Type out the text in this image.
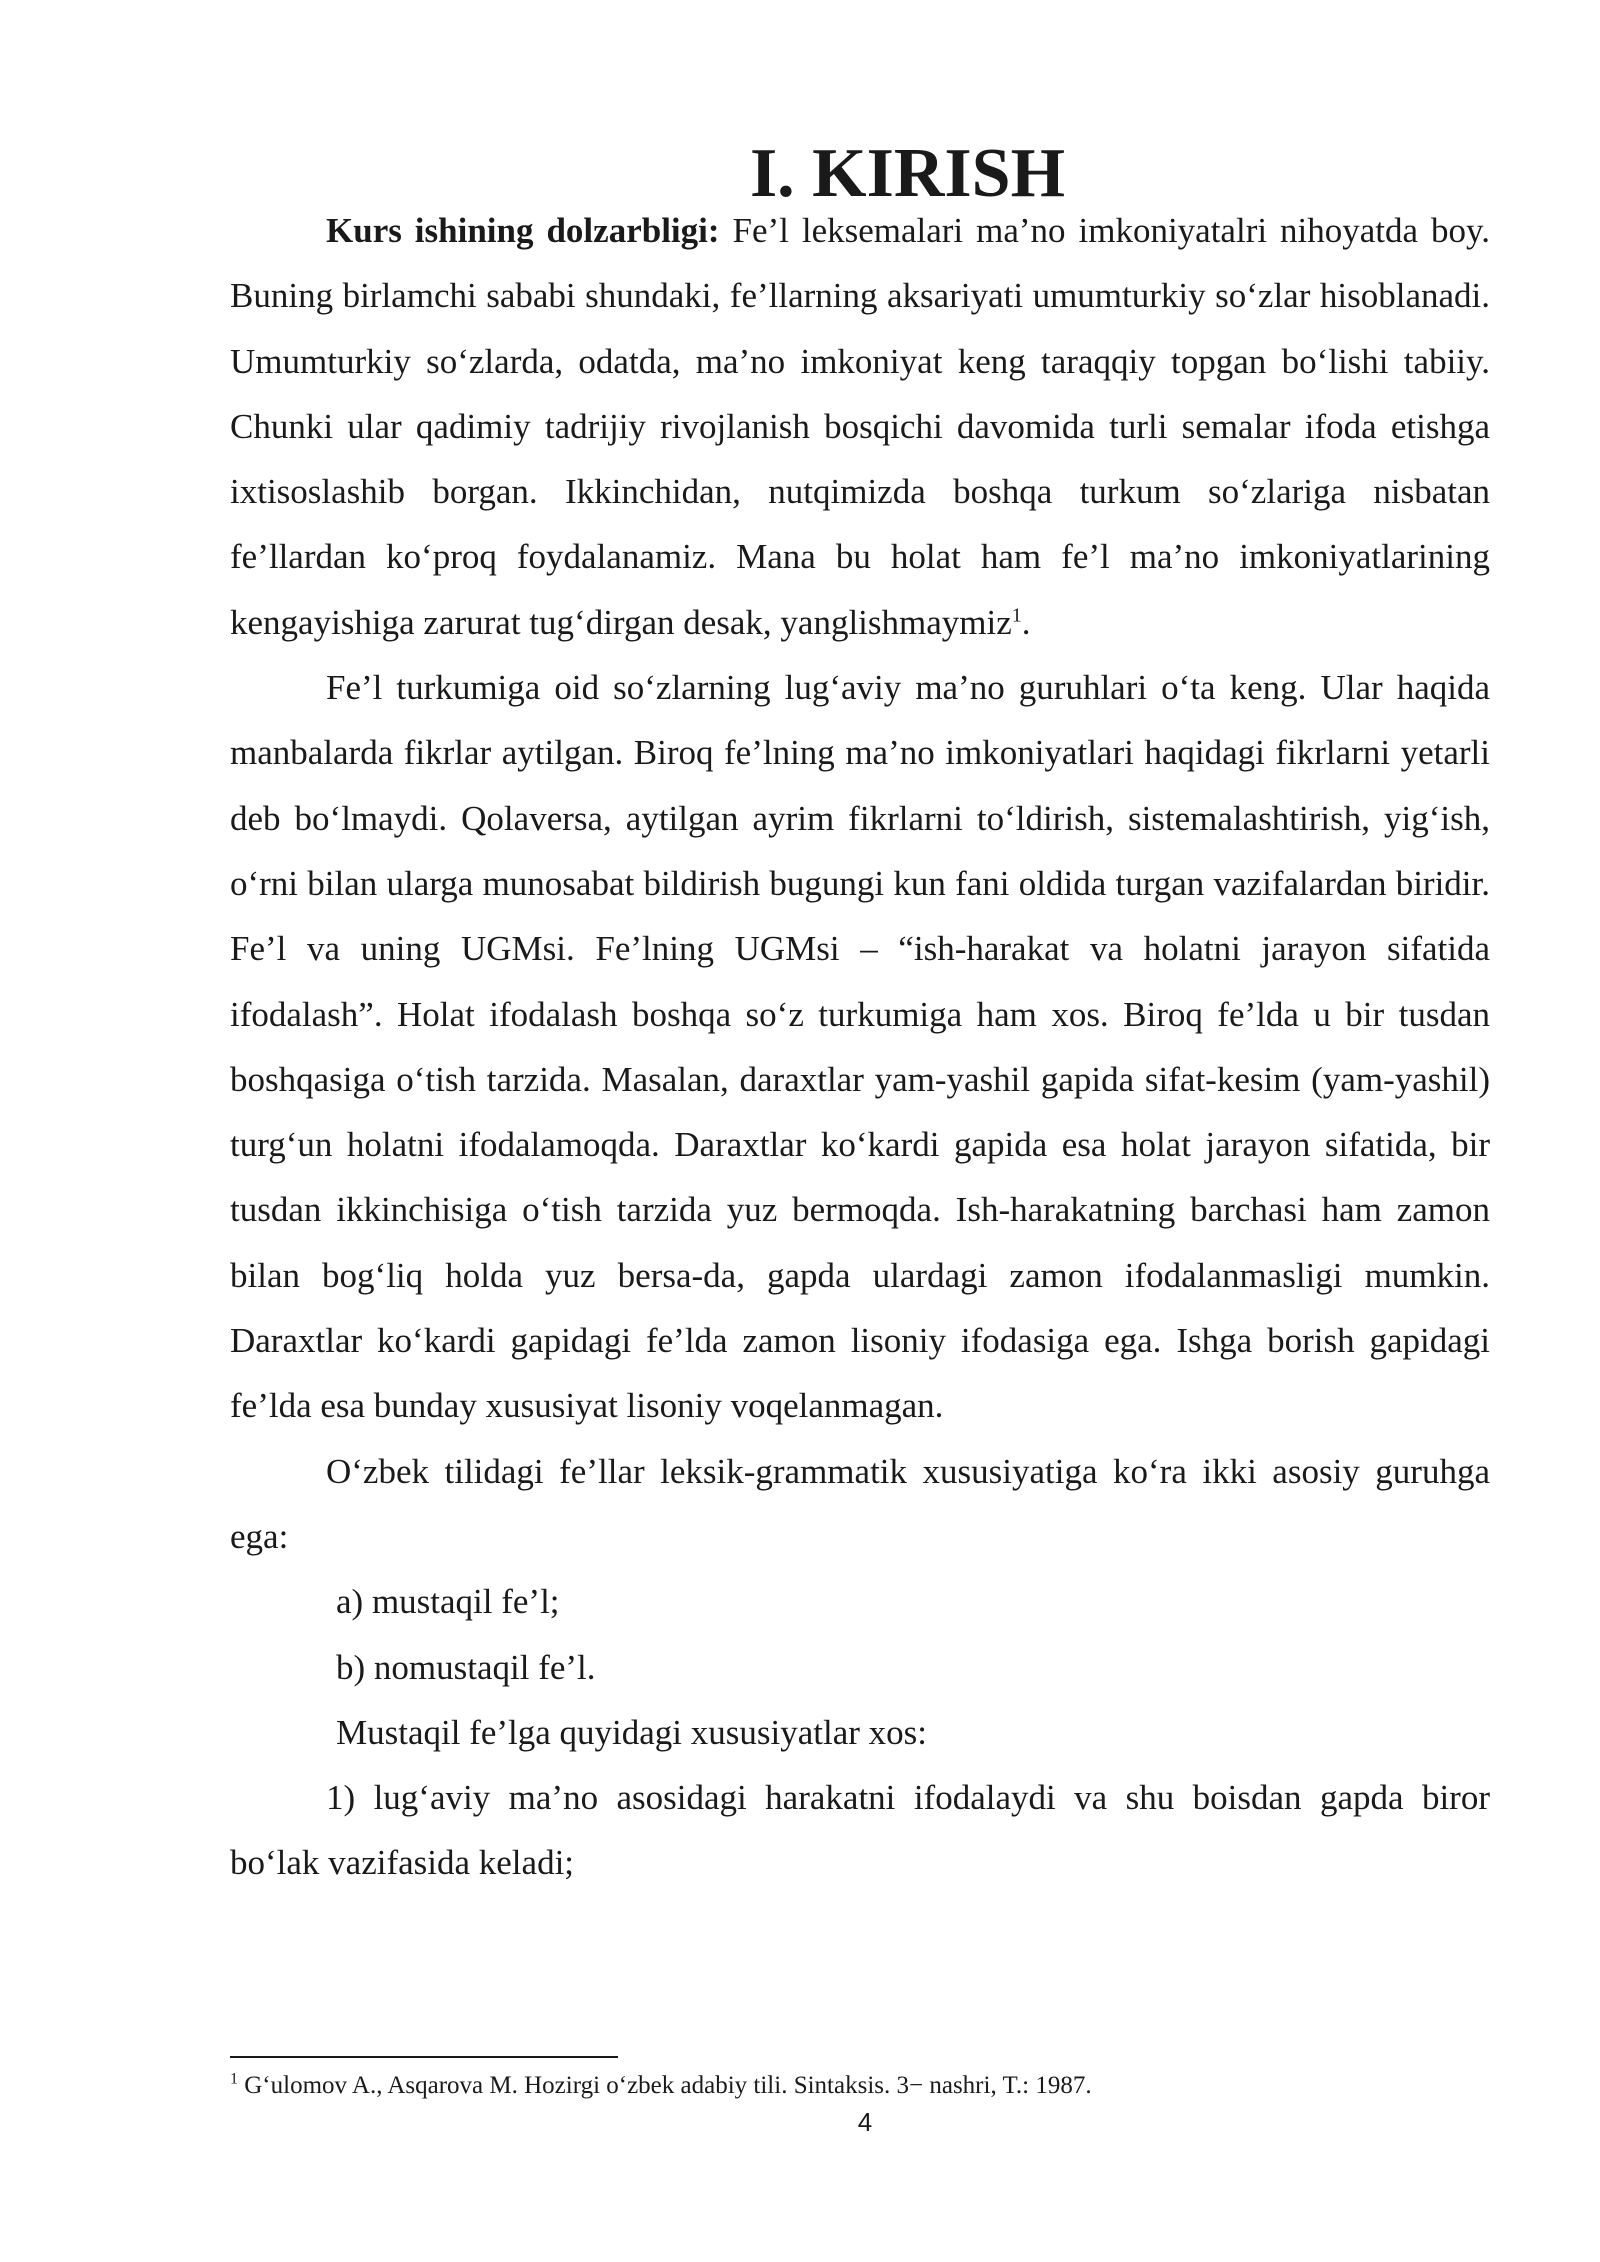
I. KIRISH

Kurs ishining dolzarbligi: Fe’l leksemalari ma’no imkoniyatalri nihoyatda boy. Buning birlamchi sababi shundaki, fe’llarning aksariyati umumturkiy so‘zlar hisoblanadi. Umumturkiy so‘zlarda, odatda, ma’no imkoniyat keng taraqqiy topgan bo‘lishi tabiiy. Chunki ular qadimiy tadrijiy rivojlanish bosqichi davomida turli semalar ifoda etishga ixtisoslashib borgan. Ikkinchidan, nutqimizda boshqa turkum so‘zlariga nisbatan fe’llardan ko‘proq foydalanamiz. Mana bu holat ham fe’l ma’no imkoniyatlarining kengayishiga zarurat tug‘dirgan desak, yanglishmaymiz$^1$.

Fe’l turkumiga oid so‘zlarning lug‘aviy ma’no guruhlari o‘ta keng. Ular haqida manbalarda fikrlar aytilgan. Biroq fe’lning ma’no imkoniyatlari haqidagi fikrlarni yetarli deb bo‘lmaydi. Qolaversa, aytilgan ayrim fikrlarni to‘ldirish, sistemalashtirish, yig‘ish, o‘rni bilan ularga munosabat bildirish bugungi kun fani oldida turgan vazifalardan biridir. Fe’l va uning UGMsi. Fe’lning UGMsi – “ish-harakat va holatni jarayon sifatida ifodalash”. Holat ifodalash boshqa so‘z turkumiga ham xos. Biroq fe’lda u bir tusdan boshqasiga o‘tish tarzida. Masalan, daraxtlar yam-yashil gapida sifat-kesim (yam-yashil) turg‘un holatni ifodalamoqda. Daraxtlar ko‘kardi gapida esa holat jarayon sifatida, bir tusdan ikkinchisiga o‘tish tarzida yuz bermoqda. Ish-harakatning barchasi ham zamon bilan bog‘liq holda yuz bersa-da, gapda ulardagi zamon ifodalanmasligi mumkin. Daraxtlar ko‘kardi gapidagi fe’lda zamon lisoniy ifodasiga ega. Ishga borish gapidagi fe’lda esa bunday xususiyat lisoniy voqelanmagan.

O‘zbek tilidagi fe’llar leksik-grammatik xususiyatiga ko‘ra ikki asosiy guruhga ega:

a) mustaqil fe’l;

b) nomustaqil fe’l.

Mustaqil fe’lga quyidagi xususiyatlar xos:

1) lug‘aviy ma’no asosidagi harakatni ifodalaydi va shu boisdan gapda biror bo‘lak vazifasida keladi;

$^1$ G‘ulomov A., Asqarova M. Hozirgi o‘zbek adabiy tili. Sintaksis. 3− nashri, T.: 1987.
4
